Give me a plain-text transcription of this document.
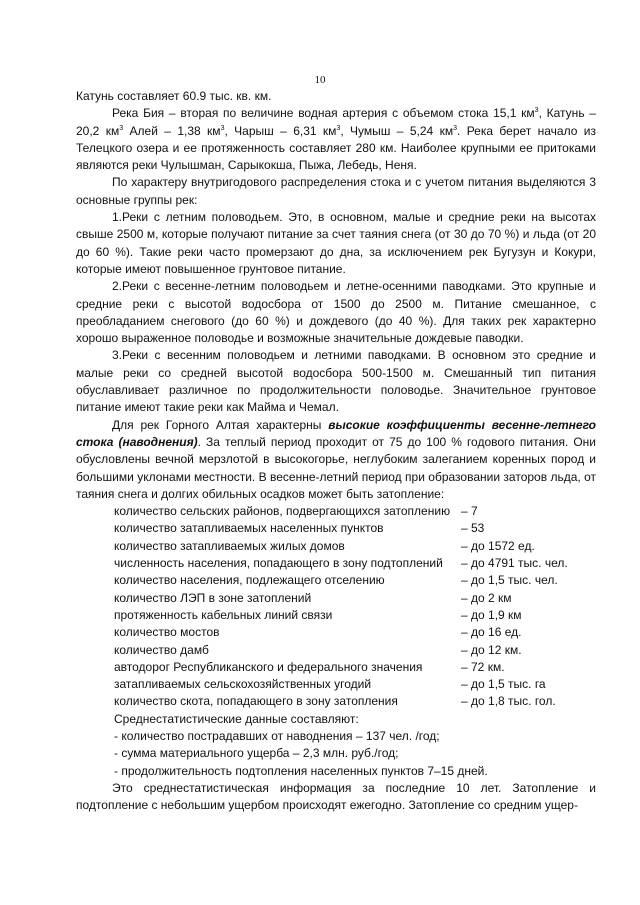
10

Катунь составляет 60.9 тыс. кв. км.

Река Бия – вторая по величине водная артерия с объемом стока 15,1 $км^3$, Катунь – 20,2 $км^3$ Алей – 1,38 $км^3$, Чарыш – 6,31 $км^3$, Чумыш – 5,24 $км^3$. Река берет начало из Телецкого озера и ее протяженность составляет 280 км. Наиболее крупными ее притоками являются реки Чулышман, Сарыкокша, Пыжа, Лебедь, Неня.

По характеру внутригодового распределения стока и с учетом питания выделяются 3 основные группы рек:

1.Реки с летним половодьем. Это, в основном, малые и средние реки на высотах свыше 2500 м, которые получают питание за счет таяния снега (от 30 до 70 %) и льда (от 20 до 60 %). Такие реки часто промерзают до дна, за исключением рек Бугузун и Кокури, которые имеют повышенное грунтовое питание.

2.Реки с весенне-летним половодьем и летне-осенними паводками. Это крупные и средние реки с высотой водосбора от 1500 до 2500 м. Питание смешанное, с преобладанием снегового (до 60 %) и дождевого (до 40 %). Для таких рек характерно хорошо выраженное половодье и возможные значительные дождевые паводки.

3.Реки с весенним половодьем и летними паводками. В основном это средние и малые реки со средней высотой водосбора 500-1500 м. Смешанный тип питания обуславливает различное по продолжительности половодье. Значительное грунтовое питание имеют такие реки как Майма и Чемал.

Для рек Горного Алтая характерны высокие коэффициенты весенне-летнего стока (наводнения). За теплый период проходит от 75 до 100 % годового питания. Они обусловлены вечной мерзлотой в высокогорье, неглубоким залеганием коренных пород и большими уклонами местности. В весенне-летний период при образовании заторов льда, от таяния снега и долгих обильных осадков может быть затопление:

количество сельских районов, подвергающихся затоплению – 7
количество затапливаемых населенных пунктов	– 53
количество затапливаемых жилых домов	– до 1572 ед.
численность населения, попадающего в зону подтоплений	– до 4791 тыс. чел.
количество населения, подлежащего отселению	– до 1,5 тыс. чел.
количество ЛЭП в зоне затоплений	– до 2 км
протяженность кабельных линий связи	– до 1,9 км
количество мостов	– до 16 ед.
количество дамб	– до 12 км.
автодорог Республиканского и федерального значения	– 72 км.
затапливаемых сельскохозяйственных угодий	– до 1,5 тыс. га
количество скота, попадающего в зону затопления	– до 1,8 тыс. гол.
Среднестатистические данные составляют:
- количество пострадавших от наводнения – 137 чел. /год;
- сумма материального ущерба – 2,3 млн. руб./год;
- продолжительность подтопления населенных пунктов 7–15 дней.

Это среднестатистическая информация за последние 10 лет. Затопление и подтопление с небольшим ущербом происходят ежегодно. Затопление со средним ущер-
